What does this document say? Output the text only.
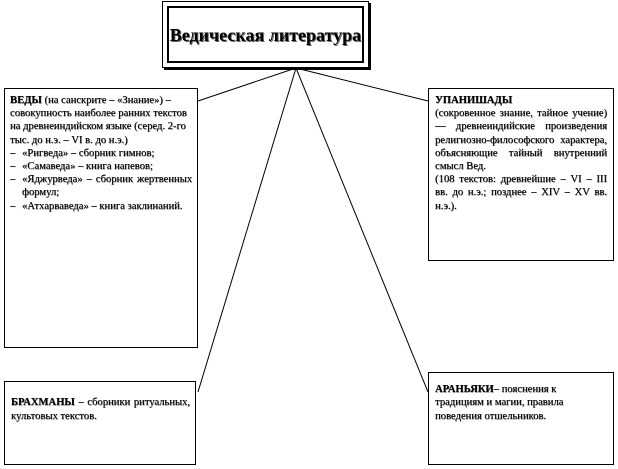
Ведическая литература
ВЕДЫ (на санскрите – «Знание») – совокупность наиболее ранних текстов на древнеиндийском языке (серед. 2-го тыс. до н.э. – VI в. до н.э.)
– «Ригведа» – сборник гимнов;
– «Самаведа» – книга напевов;
– «Яджурведа» – сборник жертвенных формул;
– «Атхарваведа» – книга заклинаний.
УПАНИШАДЫ
(сокровенное знание, тайное учение) — древнеиндийские произведения религиозно-философского характера, объясняющие тайный внутренний смысл Вед.
(108 текстов: древнейшие – VI – III вв. до н.э.; позднее – XIV – XV вв. н.э.).
БРАХМАНЫ – сборники ритуальных, культовых текстов.
АРАНЬЯКИ– пояснения к традициям и магии, правила поведения отшельников.
